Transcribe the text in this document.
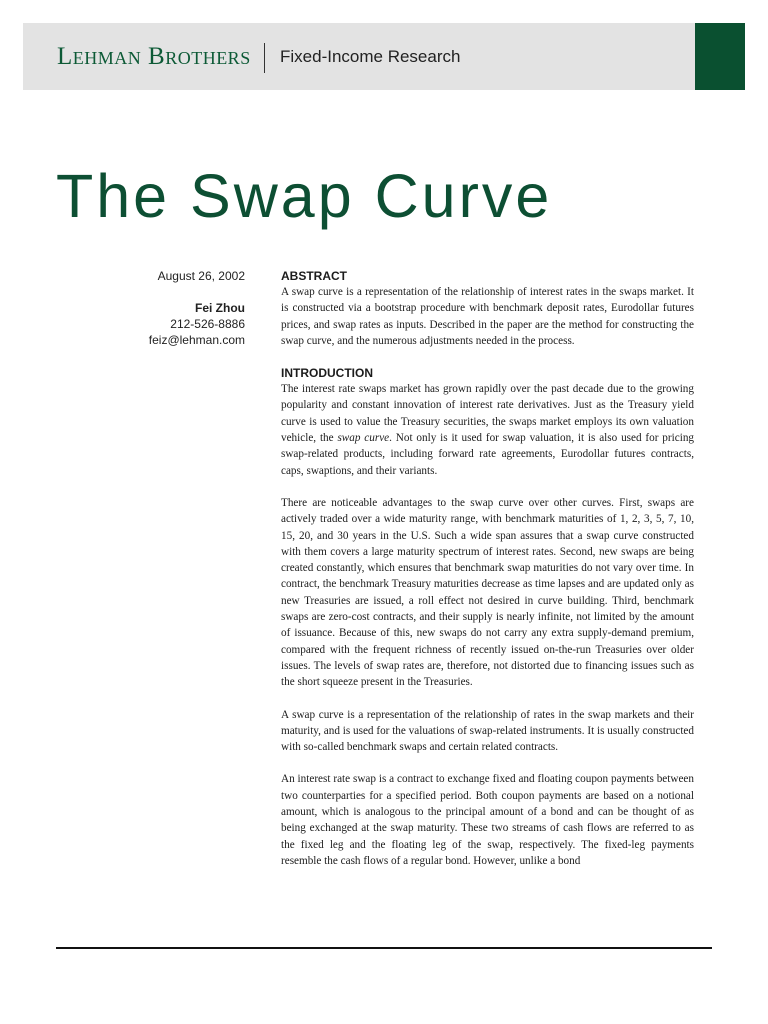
Lehman Brothers Fixed-Income Research
The Swap Curve
August 26, 2002
Fei Zhou
212-526-8886
feiz@lehman.com
ABSTRACT

A swap curve is a representation of the relationship of interest rates in the swaps market. It is constructed via a bootstrap procedure with benchmark deposit rates, Eurodollar futures prices, and swap rates as inputs. Described in the paper are the method for constructing the swap curve, and the numerous adjustments needed in the process.

INTRODUCTION

The interest rate swaps market has grown rapidly over the past decade due to the growing popularity and constant innovation of interest rate derivatives. Just as the Treasury yield curve is used to value the Treasury securities, the swaps market employs its own valuation vehicle, the swap curve. Not only is it used for swap valuation, it is also used for pricing swap-related products, including forward rate agreements, Eurodollar futures contracts, caps, swaptions, and their variants.

There are noticeable advantages to the swap curve over other curves. First, swaps are actively traded over a wide maturity range, with benchmark maturities of 1, 2, 3, 5, 7, 10, 15, 20, and 30 years in the U.S. Such a wide span assures that a swap curve constructed with them covers a large maturity spectrum of interest rates. Second, new swaps are being created constantly, which ensures that benchmark swap maturities do not vary over time. In contract, the benchmark Treasury maturities decrease as time lapses and are updated only as new Treasuries are issued, a roll effect not desired in curve building. Third, benchmark swaps are zero-cost contracts, and their supply is nearly infinite, not limited by the amount of issuance. Because of this, new swaps do not carry any extra supply-demand premium, compared with the frequent richness of recently issued on-the-run Treasuries over older issues. The levels of swap rates are, therefore, not distorted due to financing issues such as the short squeeze present in the Treasuries.

A swap curve is a representation of the relationship of rates in the swap markets and their maturity, and is used for the valuations of swap-related instruments. It is usually constructed with so-called benchmark swaps and certain related contracts.

An interest rate swap is a contract to exchange fixed and floating coupon payments between two counterparties for a specified period. Both coupon payments are based on a notional amount, which is analogous to the principal amount of a bond and can be thought of as being exchanged at the swap maturity. These two streams of cash flows are referred to as the fixed leg and the floating leg of the swap, respectively. The fixed-leg payments resemble the cash flows of a regular bond. However, unlike a bond
